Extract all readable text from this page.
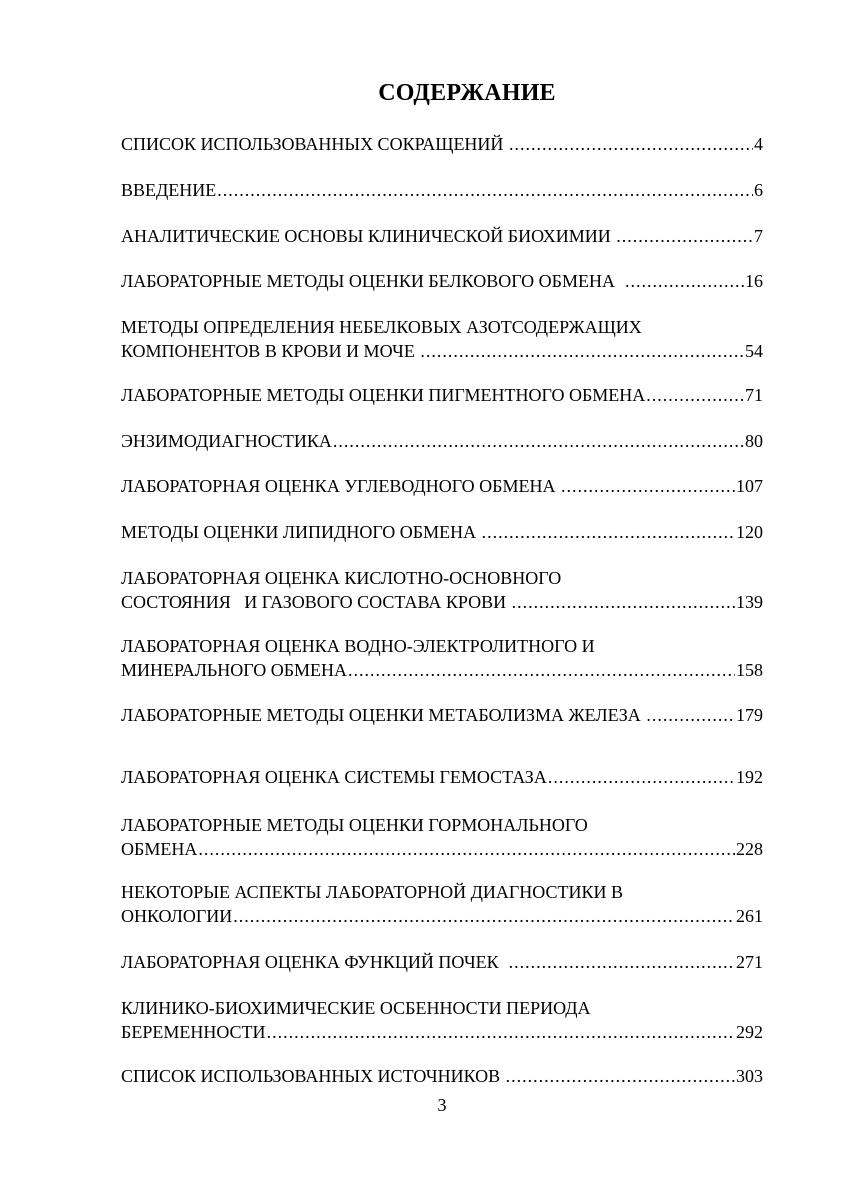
СОДЕРЖАНИЕ
СПИСОК ИСПОЛЬЗОВАННЫХ СОКРАЩЕНИЙ .....	4
ВВЕДЕНИЕ .....	6
АНАЛИТИЧЕСКИЕ ОСНОВЫ КЛИНИЧЕСКОЙ БИОХИМИИ .....	7
ЛАБОРАТОРНЫЕ МЕТОДЫ ОЦЕНКИ БЕЛКОВОГО ОБМЕНА .....	16
МЕТОДЫ ОПРЕДЕЛЕНИЯ НЕБЕЛКОВЫХ АЗОТСОДЕРЖАЩИХ
КОМПОНЕНТОВ В КРОВИ И МОЧЕ .....	54
ЛАБОРАТОРНЫЕ МЕТОДЫ ОЦЕНКИ ПИГМЕНТНОГО ОБМЕНА .....	71
ЭНЗИМОДИАГНОСТИКА .....	80
ЛАБОРАТОРНАЯ ОЦЕНКА УГЛЕВОДНОГО ОБМЕНА .....	107
МЕТОДЫ ОЦЕНКИ ЛИПИДНОГО ОБМЕНА .....	120
ЛАБОРАТОРНАЯ ОЦЕНКА КИСЛОТНО-ОСНОВНОГО
СОСТОЯНИЯ   И ГАЗОВОГО СОСТАВА КРОВИ .....	139
ЛАБОРАТОРНАЯ ОЦЕНКА ВОДНО-ЭЛЕКТРОЛИТНОГО И
МИНЕРАЛЬНОГО ОБМЕНА .....	158
ЛАБОРАТОРНЫЕ МЕТОДЫ ОЦЕНКИ МЕТАБОЛИЗМА ЖЕЛЕЗА .....	179
ЛАБОРАТОРНАЯ ОЦЕНКА СИСТЕМЫ ГЕМОСТАЗА .....	192
ЛАБОРАТОРНЫЕ МЕТОДЫ ОЦЕНКИ ГОРМОНАЛЬНОГО
ОБМЕНА .....	228
НЕКОТОРЫЕ АСПЕКТЫ ЛАБОРАТОРНОЙ ДИАГНОСТИКИ В
ОНКОЛОГИИ .....	261
ЛАБОРАТОРНАЯ ОЦЕНКА ФУНКЦИЙ ПОЧЕК .....	271
КЛИНИКО-БИОХИМИЧЕСКИЕ ОСБЕННОСТИ ПЕРИОДА
БЕРЕМЕННОСТИ .....	292
СПИСОК ИСПОЛЬЗОВАННЫХ ИСТОЧНИКОВ .....	303
3
